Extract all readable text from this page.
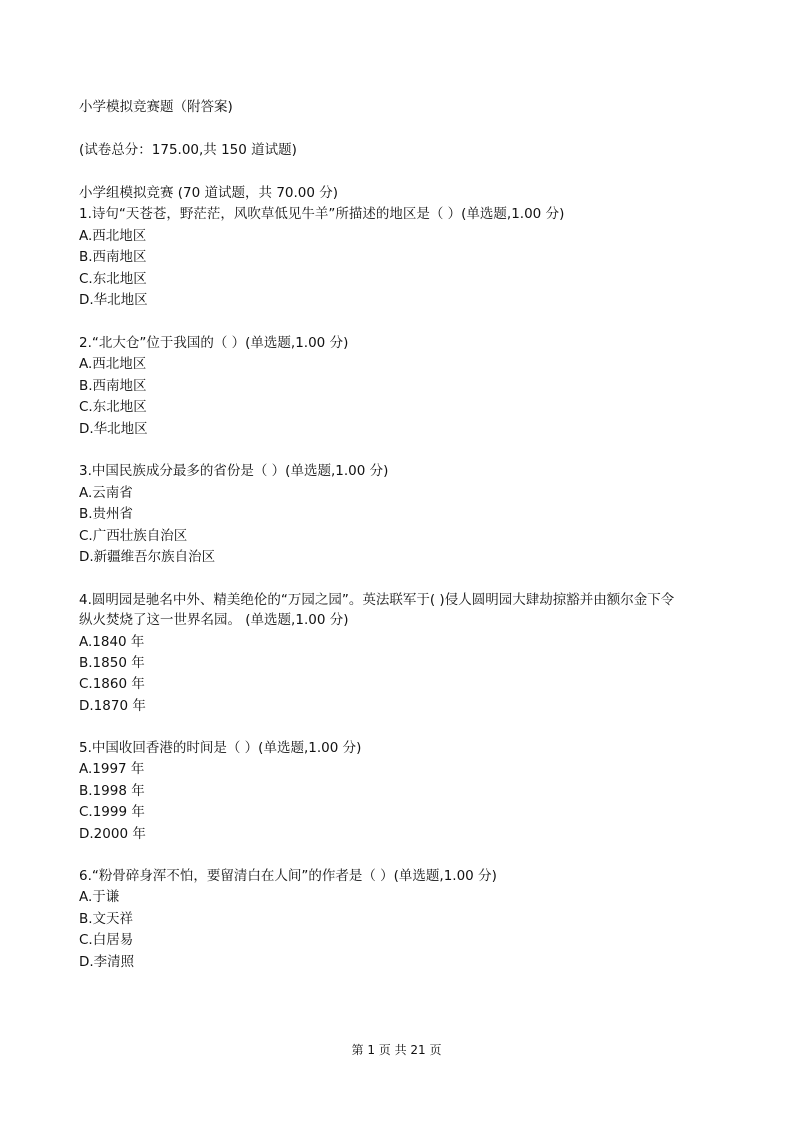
小学模拟竞赛题（附答案)
(试卷总分：175.00,共 150 道试题)
小学组模拟竞赛 (70 道试题，共 70.00 分)
1.诗句“天苍苍，野茫茫，风吹草低见牛羊”所描述的地区是（ ）(单选题,1.00 分)
A.西北地区
B.西南地区
C.东北地区
D.华北地区
2.“北大仓”位于我国的（ ）(单选题,1.00 分)
A.西北地区
B.西南地区
C.东北地区
D.华北地区
3.中国民族成分最多的省份是（ ）(单选题,1.00 分)
A.云南省
B.贵州省
C.广西壮族自治区
D.新疆维吾尔族自治区
4.圆明园是驰名中外、精美绝伦的“万园之园”。英法联军于( )侵人圆明园大肆劫掠豁并由额尔金下令
纵火焚烧了这一世界名园。 (单选题,1.00 分)
A.1840 年
B.1850 年
C.1860 年
D.1870 年
5.中国收回香港的时间是（ ）(单选题,1.00 分)
A.1997 年
B.1998 年
C.1999 年
D.2000 年
6.“粉骨碎身浑不怕，要留清白在人间”的作者是（ ）(单选题,1.00 分)
A.于谦
B.文天祥
C.白居易
D.李清照
第 1 页 共 21 页
